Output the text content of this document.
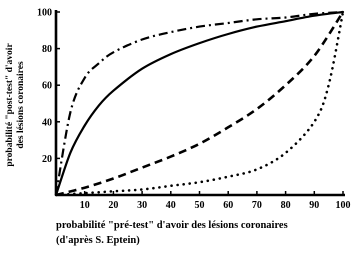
probabilité "post-test" d'avoir des lésions coronaires
20
40
60
80
100
10 20 30 40 50 60 70 80 90 100
probabilité "pré-test" d'avoir des lésions coronaires
(d'après S. Eptein)
